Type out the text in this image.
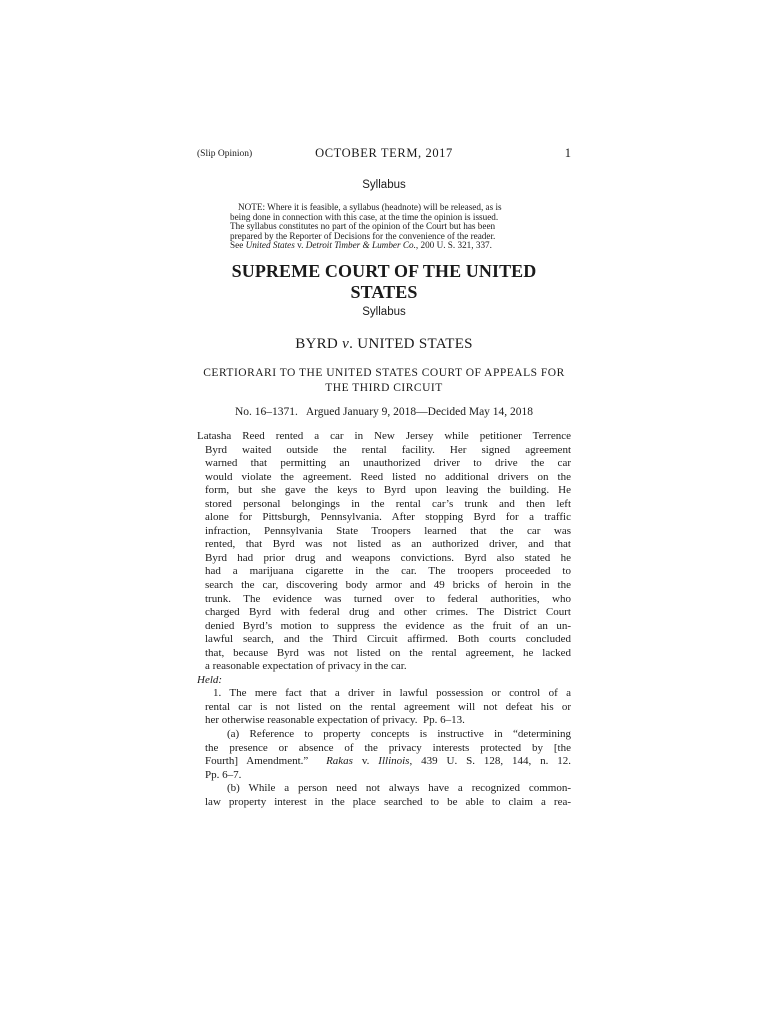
(Slip Opinion)	OCTOBER TERM, 2017	1
Syllabus
NOTE: Where it is feasible, a syllabus (headnote) will be released, as is
being done in connection with this case, at the time the opinion is issued.
The syllabus constitutes no part of the opinion of the Court but has been
prepared by the Reporter of Decisions for the convenience of the reader.
See United States v. Detroit Timber & Lumber Co., 200 U. S. 321, 337.
SUPREME COURT OF THE UNITED STATES
Syllabus
BYRD v. UNITED STATES
CERTIORARI TO THE UNITED STATES COURT OF APPEALS FOR
THE THIRD CIRCUIT
No. 16–1371.   Argued January 9, 2018—Decided May 14, 2018
Latasha Reed rented a car in New Jersey while petitioner Terrence
Byrd waited outside the rental facility. Her signed agreement
warned that permitting an unauthorized driver to drive the car
would violate the agreement. Reed listed no additional drivers on the
form, but she gave the keys to Byrd upon leaving the building. He
stored personal belongings in the rental car’s trunk and then left
alone for Pittsburgh, Pennsylvania. After stopping Byrd for a traffic
infraction, Pennsylvania State Troopers learned that the car was
rented, that Byrd was not listed as an authorized driver, and that
Byrd had prior drug and weapons convictions. Byrd also stated he
had a marijuana cigarette in the car. The troopers proceeded to
search the car, discovering body armor and 49 bricks of heroin in the
trunk. The evidence was turned over to federal authorities, who
charged Byrd with federal drug and other crimes. The District Court
denied Byrd’s motion to suppress the evidence as the fruit of an un-
lawful search, and the Third Circuit affirmed. Both courts concluded
that, because Byrd was not listed on the rental agreement, he lacked
a reasonable expectation of privacy in the car.
Held:
1. The mere fact that a driver in lawful possession or control of a
rental car is not listed on the rental agreement will not defeat his or
her otherwise reasonable expectation of privacy.  Pp. 6–13.
(a) Reference to property concepts is instructive in “determining
the presence or absence of the privacy interests protected by [the
Fourth] Amendment.”  Rakas v. Illinois, 439 U. S. 128, 144, n. 12.
Pp. 6–7.
(b) While a person need not always have a recognized common-
law property interest in the place searched to be able to claim a rea-
